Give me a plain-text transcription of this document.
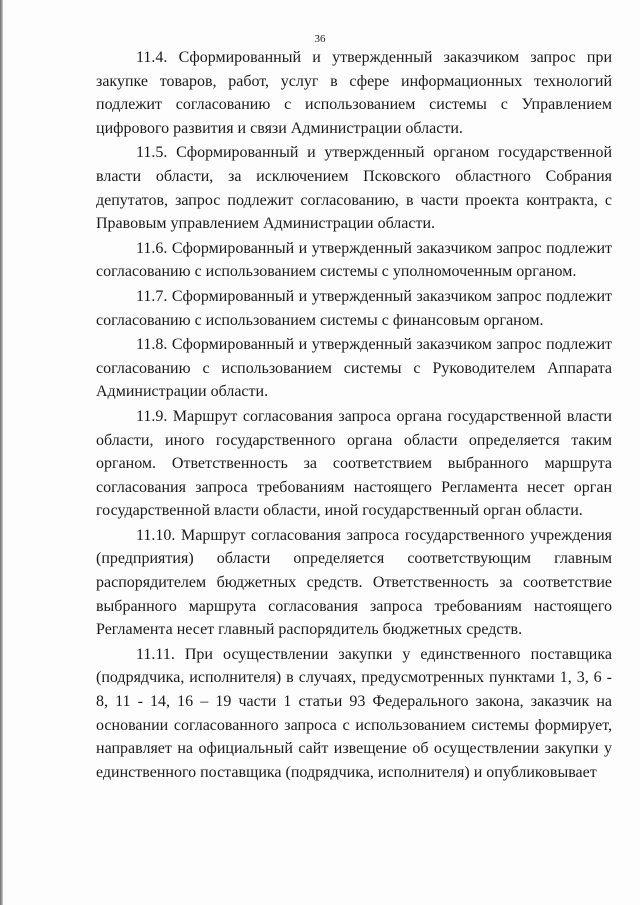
36

11.4. Сформированный и утвержденный заказчиком запрос при закупке товаров, работ, услуг в сфере информационных технологий подлежит согласованию с использованием системы с Управлением цифрового развития и связи Администрации области.

11.5. Сформированный и утвержденный органом государственной власти области, за исключением Псковского областного Собрания депутатов, запрос подлежит согласованию, в части проекта контракта, с Правовым управлением Администрации области.

11.6. Сформированный и утвержденный заказчиком запрос подлежит согласованию с использованием системы с уполномоченным органом.

11.7. Сформированный и утвержденный заказчиком запрос подлежит согласованию с использованием системы с финансовым органом.

11.8. Сформированный и утвержденный заказчиком запрос подлежит согласованию с использованием системы с Руководителем Аппарата Администрации области.

11.9. Маршрут согласования запроса органа государственной власти области, иного государственного органа области определяется таким органом. Ответственность за соответствием выбранного маршрута согласования запроса требованиям настоящего Регламента несет орган государственной власти области, иной государственный орган области.

11.10. Маршрут согласования запроса государственного учреждения (предприятия) области определяется соответствующим главным распорядителем бюджетных средств. Ответственность за соответствие выбранного маршрута согласования запроса требованиям настоящего Регламента несет главный распорядитель бюджетных средств.

11.11. При осуществлении закупки у единственного поставщика (подрядчика, исполнителя) в случаях, предусмотренных пунктами 1, 3, 6 - 8, 11 - 14, 16 – 19 части 1 статьи 93 Федерального закона, заказчик на основании согласованного запроса с использованием системы формирует, направляет на официальный сайт извещение об осуществлении закупки у единственного поставщика (подрядчика, исполнителя) и опубликовывает
